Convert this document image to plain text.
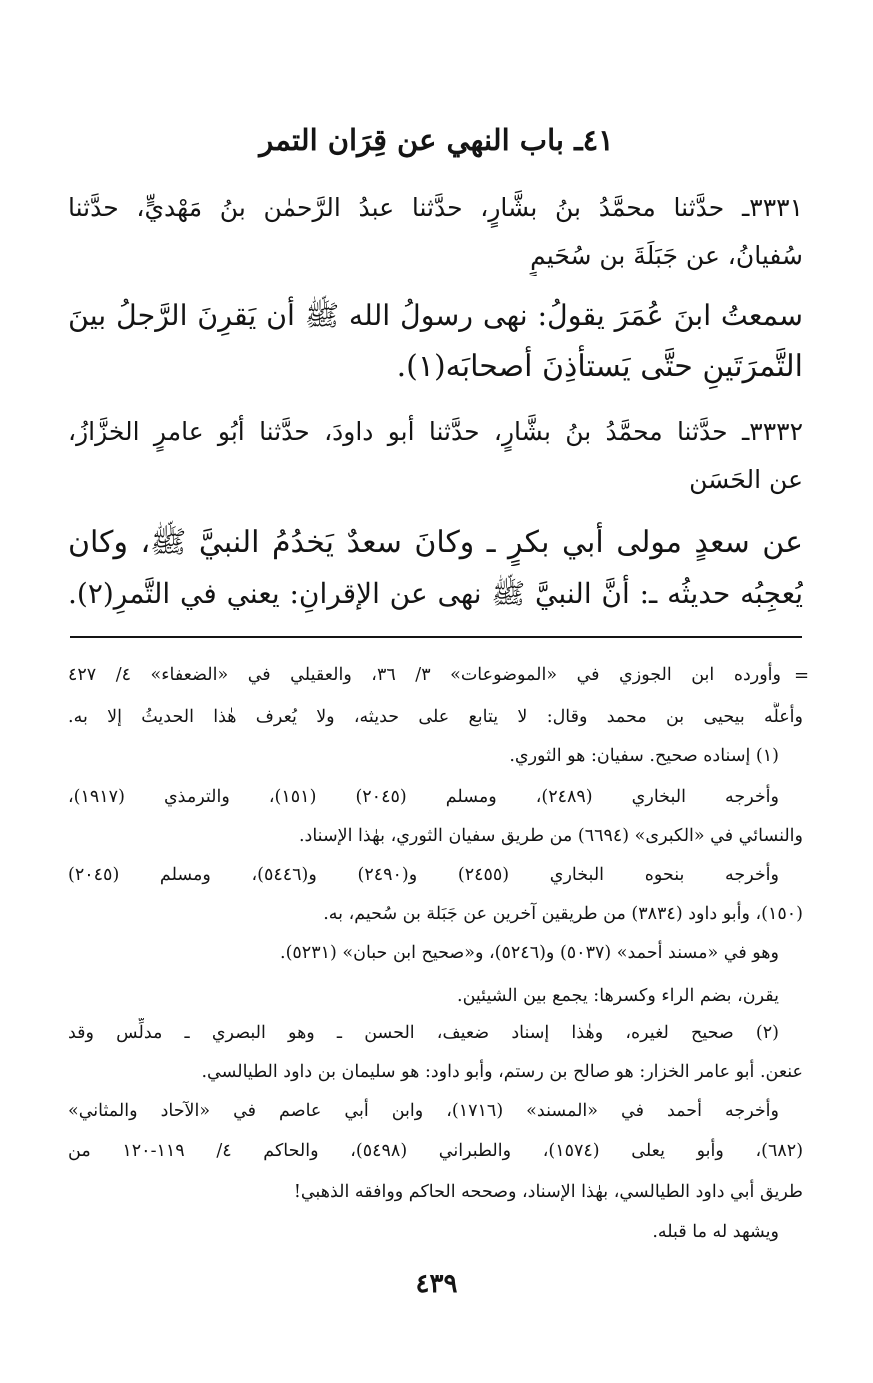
٤١ـ باب النهي عن قِرَان التمر
٣٣٣١ـ حدَّثنا محمَّدُ بنُ بشَّارٍ، حدَّثنا عبدُ الرَّحمٰن بنُ مَهْديٍّ، حدَّثنا
سُفيانُ، عن جَبَلَةَ بن سُحَيمٍ
سمعتُ ابنَ عُمَرَ يقولُ: نهى رسولُ الله ﷺ أن يَقرِنَ الرَّجلُ بينَ
التَّمرَتَينِ حتَّى يَستأذِنَ أصحابَه(١).
٣٣٣٢ـ حدَّثنا محمَّدُ بنُ بشَّارٍ، حدَّثنا أبو داودَ، حدَّثنا أبُو عامرٍ الخزَّازُ،
عن الحَسَن
عن سعدٍ مولى أبي بكرٍ ـ وكانَ سعدٌ يَخدُمُ النبيَّ ﷺ، وكان
يُعجِبُه حديثُه ـ: أنَّ النبيَّ ﷺ نهى عن الإقرانِ: يعني في التَّمرِ(٢).
=
وأورده ابن الجوزي في «الموضوعات» ٣/ ٣٦، والعقيلي في «الضعفاء» ٤/ ٤٢٧
وأعلَّه بيحيى بن محمد وقال: لا يتابع على حديثه، ولا يُعرف هٰذا الحديثُ إلا به.
(١) إسناده صحيح. سفيان: هو الثوري.
وأخرجه البخاري (٢٤٨٩)، ومسلم (٢٠٤٥) (١٥١)، والترمذي (١٩١٧)،
والنسائي في «الكبرى» (٦٦٩٤) من طريق سفيان الثوري، بهٰذا الإسناد.
وأخرجه بنحوه البخاري (٢٤٥٥) و(٢٤٩٠) و(٥٤٤٦)، ومسلم (٢٠٤٥)
(١٥٠)، وأبو داود (٣٨٣٤) من طريقين آخرين عن جَبَلة بن سُحيم، به.
وهو في «مسند أحمد» (٥٠٣٧) و(٥٢٤٦)، و«صحيح ابن حبان» (٥٢٣١).
يقرن، بضم الراء وكسرها: يجمع بين الشيئين.
(٢) صحيح لغيره، وهٰذا إسناد ضعيف، الحسن ـ وهو البصري ـ مدلِّس وقد
عنعن. أبو عامر الخزار: هو صالح بن رستم، وأبو داود: هو سليمان بن داود الطيالسي.
وأخرجه أحمد في «المسند» (١٧١٦)، وابن أبي عاصم في «الآحاد والمثاني»
(٦٨٢)، وأبو يعلى (١٥٧٤)، والطبراني (٥٤٩٨)، والحاكم ٤/ ١١٩-١٢٠ من
طريق أبي داود الطيالسي، بهٰذا الإسناد، وصححه الحاكم ووافقه الذهبي!
ويشهد له ما قبله.
٤٣٩
